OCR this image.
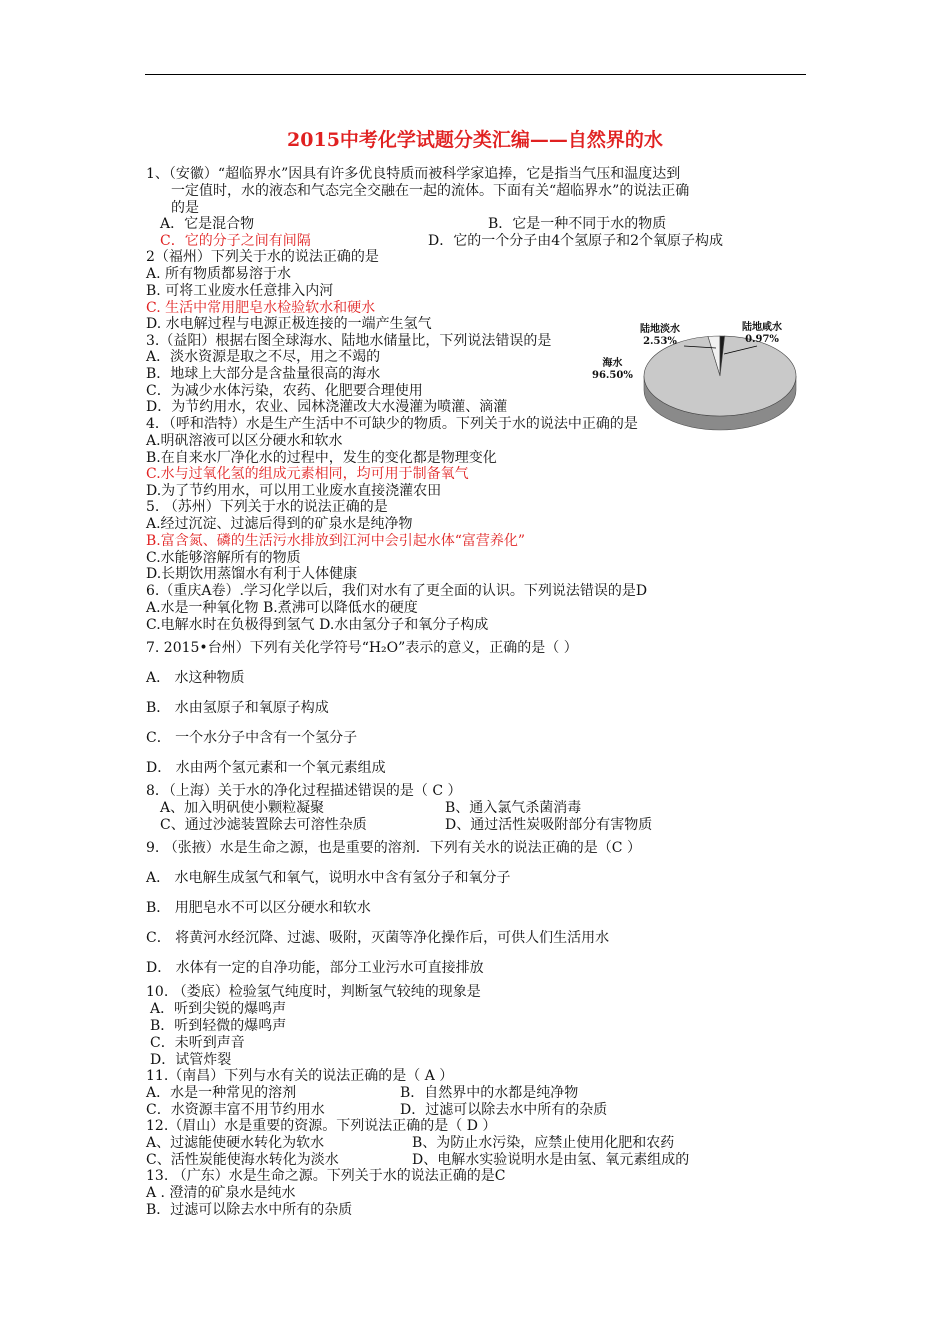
2015中考化学试题分类汇编——自然界的水
1、（安徽）“超临界水”因具有许多优良特质而被科学家追捧，它是指当气压和温度达到
一定值时，水的液态和气态完全交融在一起的流体。下面有关“超临界水”的说法正确
的是
A．它是混合物	B．它是一种不同于水的物质
C．它的分子之间有间隔	D．它的一个分子由4个氢原子和2个氧原子构成
2（福州）下列关于水的说法正确的是
A. 所有物质都易溶于水
B. 可将工业废水任意排入内河
C. 生活中常用肥皂水检验软水和硬水
D. 水电解过程与电源正极连接的一端产生氢气
3.（益阳）根据右图全球海水、陆地水储量比，下列说法错误的是
A．淡水资源是取之不尽，用之不竭的
B．地球上大部分是含盐量很高的海水
C．为减少水体污染，农药、化肥要合理使用
D．为节约用水，农业、园林浇灌改大水漫灌为喷灌、滴灌
4．（呼和浩特）水是生产生活中不可缺少的物质。下列关于水的说法中正确的是
A.明矾溶液可以区分硬水和软水
B.在自来水厂净化水的过程中，发生的变化都是物理变化
C.水与过氧化氢的组成元素相同，均可用于制备氧气
D.为了节约用水，可以用工业废水直接浇灌农田
5. （苏州）下列关于水的说法正确的是
A.经过沉淀、过滤后得到的矿泉水是纯净物
B.富含氮、磷的生活污水排放到江河中会引起水体“富营养化”
C.水能够溶解所有的物质
D.长期饮用蒸馏水有利于人体健康
6.（重庆A卷）.学习化学以后，我们对水有了更全面的认识。下列说法错误的是D
A.水是一种氧化物 B.煮沸可以降低水的硬度
C.电解水时在负极得到氢气 D.水由氢分子和氧分子构成
7. 2015•台州）下列有关化学符号“H₂O”表示的意义，正确的是（ ）
A． 水这种物质
B． 水由氢原子和氧原子构成
C． 一个水分子中含有一个氢分子
D． 水由两个氢元素和一个氧元素组成
8．（上海）关于水的净化过程描述错误的是（ C ）
A、加入明矾使小颗粒凝聚	B、通入氯气杀菌消毒
C、通过沙滤装置除去可溶性杂质	D、通过活性炭吸附部分有害物质
9. （张掖）水是生命之源，也是重要的溶剂．下列有关水的说法正确的是（C ）
A． 水电解生成氢气和氧气，说明水中含有氢分子和氧分子
B． 用肥皂水不可以区分硬水和软水
C． 将黄河水经沉降、过滤、吸附，灭菌等净化操作后，可供人们生活用水
D． 水体有一定的自净功能，部分工业污水可直接排放
10. （娄底）检验氢气纯度时，判断氢气较纯的现象是
A．听到尖锐的爆鸣声
B．听到轻微的爆鸣声
C．未听到声音
D．试管炸裂
11.（南昌）下列与水有关的说法正确的是（ A ）
A．水是一种常见的溶剂	B．自然界中的水都是纯净物
C．水资源丰富不用节约用水	D．过滤可以除去水中所有的杂质
12.（眉山）水是重要的资源。下列说法正确的是（ D ）
A、过滤能使硬水转化为软水	B、为防止水污染，应禁止使用化肥和农药
C、活性炭能使海水转化为淡水	D、电解水实验说明水是由氢、氧元素组成的
13. （广东）水是生命之源。下列关于水的说法正确的是C
A . 澄清的矿泉水是纯水
B．过滤可以除去水中所有的杂质
陆地淡水
2.53%
陆地咸水
0.97%
海水
96.50%
